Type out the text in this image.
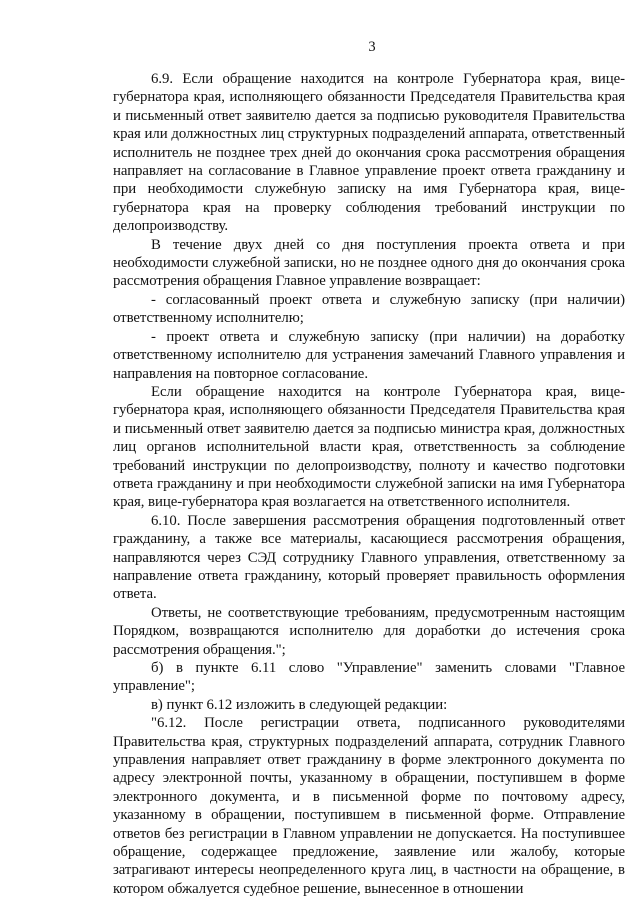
3

6.9. Если обращение находится на контроле Губернатора края, вице-губернатора края, исполняющего обязанности Председателя Правительства края и письменный ответ заявителю дается за подписью руководителя Правительства края или должностных лиц структурных подразделений аппарата, ответственный исполнитель не позднее трех дней до окончания срока рассмотрения обращения направляет на согласование в Главное управление проект ответа гражданину и при необходимости служебную записку на имя Губернатора края, вице-губернатора края на проверку соблюдения требований инструкции по делопроизводству.

В течение двух дней со дня поступления проекта ответа и при необходимости служебной записки, но не позднее одного дня до окончания срока рассмотрения обращения Главное управление возвращает:

- согласованный проект ответа и служебную записку (при наличии) ответственному исполнителю;

- проект ответа и служебную записку (при наличии) на доработку ответственному исполнителю для устранения замечаний Главного управления и направления на повторное согласование.

Если обращение находится на контроле Губернатора края, вице-губернатора края, исполняющего обязанности Председателя Правительства края и письменный ответ заявителю дается за подписью министра края, должностных лиц органов исполнительной власти края, ответственность за соблюдение требований инструкции по делопроизводству, полноту и качество подготовки ответа гражданину и при необходимости служебной записки на имя Губернатора края, вице-губернатора края возлагается на ответственного исполнителя.

6.10. После завершения рассмотрения обращения подготовленный ответ гражданину, а также все материалы, касающиеся рассмотрения обращения, направляются через СЭД сотруднику Главного управления, ответственному за направление ответа гражданину, который проверяет правильность оформления ответа.

Ответы, не соответствующие требованиям, предусмотренным настоящим Порядком, возвращаются исполнителю для доработки до истечения срока рассмотрения обращения.";

б) в пункте 6.11 слово "Управление" заменить словами "Главное управление";

в) пункт 6.12 изложить в следующей редакции:

"6.12. После регистрации ответа, подписанного руководителями Правительства края, структурных подразделений аппарата, сотрудник Главного управления направляет ответ гражданину в форме электронного документа по адресу электронной почты, указанному в обращении, поступившем в форме электронного документа, и в письменной форме по почтовому адресу, указанному в обращении, поступившем в письменной форме. Отправление ответов без регистрации в Главном управлении не допускается. На поступившее обращение, содержащее предложение, заявление или жалобу, которые затрагивают интересы неопределенного круга лиц, в частности на обращение, в котором обжалуется судебное решение, вынесенное в отношении
